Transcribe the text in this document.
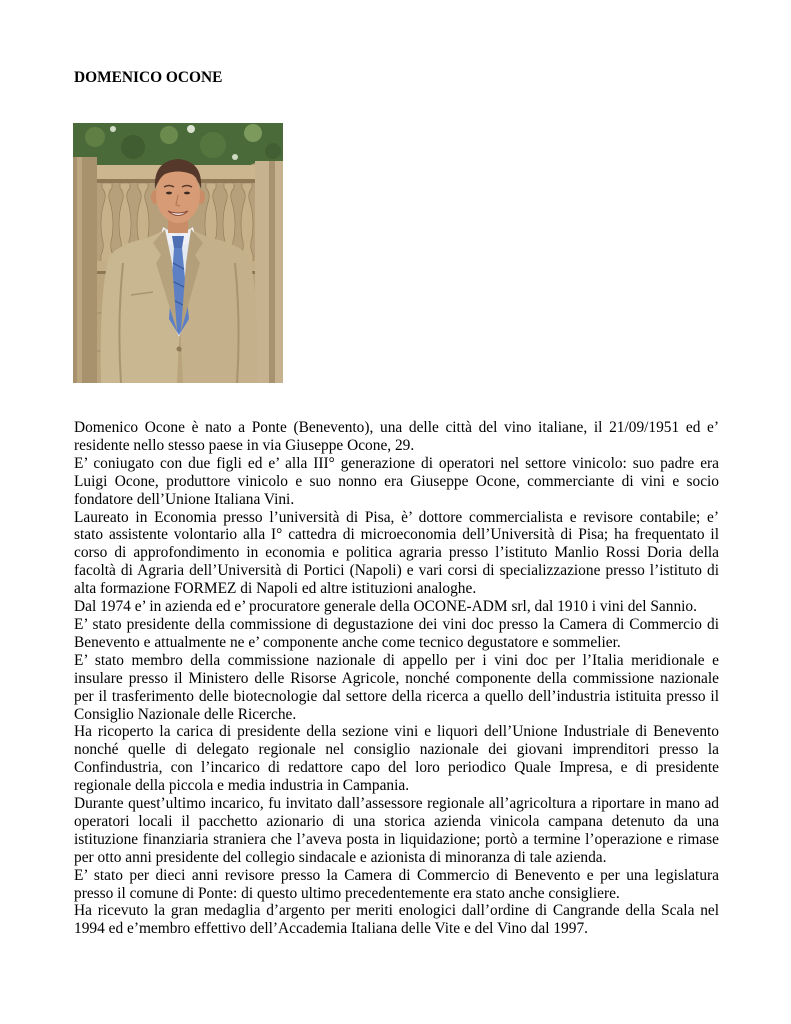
DOMENICO OCONE
Domenico Ocone è nato a Ponte (Benevento), una delle città del vino italiane, il 21/09/1951 ed e’
residente nello stesso paese in via Giuseppe Ocone, 29.
E’ coniugato con due figli ed e’ alla III° generazione di operatori nel settore vinicolo: suo padre era
Luigi Ocone, produttore vinicolo e suo nonno era Giuseppe Ocone, commerciante di vini e socio
fondatore dell’Unione Italiana Vini.
Laureato in Economia presso l’università di Pisa, è’ dottore commercialista e revisore contabile; e’
stato assistente volontario alla I° cattedra di microeconomia dell’Università di Pisa; ha frequentato il
corso di approfondimento in economia e politica agraria presso l’istituto Manlio Rossi Doria della
facoltà di Agraria dell’Università di Portici (Napoli) e vari corsi di specializzazione presso l’istituto di
alta formazione FORMEZ di Napoli ed altre istituzioni analoghe.
Dal 1974 e’ in azienda ed e’ procuratore generale della OCONE-ADM srl, dal 1910 i vini del Sannio.
E’ stato presidente della commissione di degustazione dei vini doc presso la Camera di Commercio di
Benevento e attualmente ne e’ componente anche come tecnico degustatore e sommelier.
E’ stato membro della commissione nazionale di appello per i vini doc per l’Italia meridionale e
insulare presso il Ministero delle Risorse Agricole, nonché componente della commissione nazionale
per il trasferimento delle biotecnologie dal settore della ricerca a quello dell’industria istituita presso il
Consiglio Nazionale delle Ricerche.
Ha ricoperto la carica di presidente della sezione vini e liquori dell’Unione Industriale di Benevento
nonché quelle di delegato regionale nel consiglio nazionale dei giovani imprenditori presso la
Confindustria, con l’incarico di redattore capo del loro periodico Quale Impresa, e di presidente
regionale della piccola e media industria in Campania.
Durante quest’ultimo incarico, fu invitato dall’assessore regionale all’agricoltura a riportare in mano ad
operatori locali il pacchetto azionario di una storica azienda vinicola campana detenuto da una
istituzione finanziaria straniera che l’aveva posta in liquidazione; portò a termine l’operazione e rimase
per otto anni presidente del collegio sindacale e azionista di minoranza di tale azienda.
E’ stato per dieci anni revisore presso la Camera di Commercio di Benevento e per una legislatura
presso il comune di Ponte: di questo ultimo precedentemente era stato anche consigliere.
Ha ricevuto la gran medaglia d’argento per meriti enologici dall’ordine di Cangrande della Scala nel
1994 ed e’membro effettivo dell’Accademia Italiana delle Vite e del Vino dal 1997.
